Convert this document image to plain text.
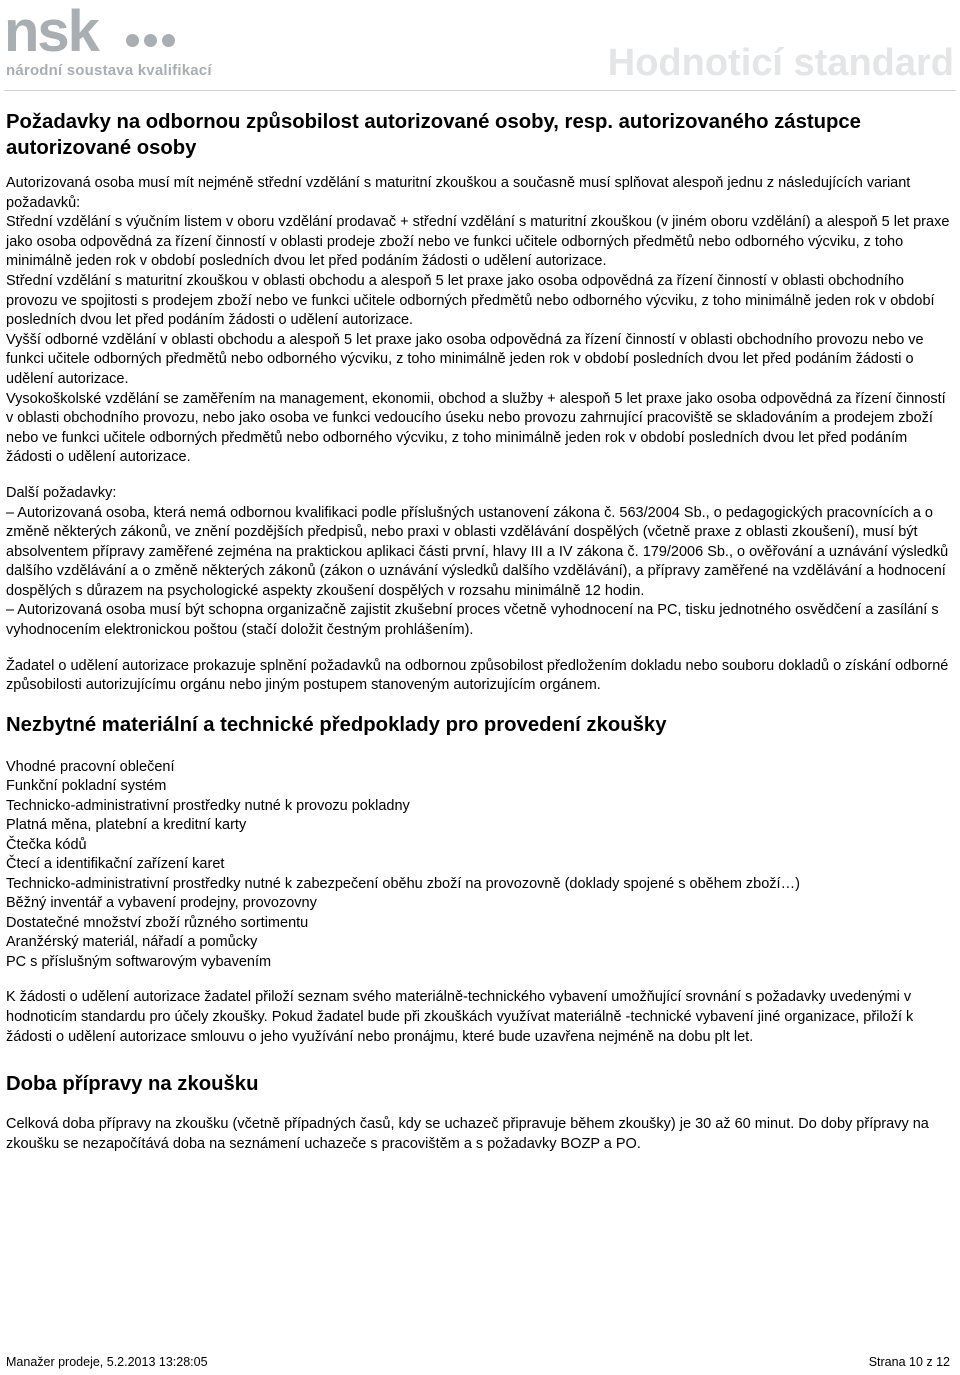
nsk
národní soustava kvalifikací	Hodnoticí standard
Požadavky na odbornou způsobilost autorizované osoby, resp. autorizovaného zástupce autorizované osoby

Autorizovaná osoba musí mít nejméně střední vzdělání s maturitní zkouškou a současně musí splňovat alespoň jednu z následujících variant požadavků:

Střední vzdělání s výučním listem v oboru vzdělání prodavač + střední vzdělání s maturitní zkouškou (v jiném oboru vzdělání) a alespoň 5 let praxe jako osoba odpovědná za řízení činností v oblasti prodeje zboží nebo ve funkci učitele odborných předmětů nebo odborného výcviku, z toho minimálně jeden rok v období posledních dvou let před podáním žádosti o udělení autorizace.

Střední vzdělání s maturitní zkouškou v oblasti obchodu a alespoň 5 let praxe jako osoba odpovědná za řízení činností v oblasti obchodního provozu ve spojitosti s prodejem zboží nebo ve funkci učitele odborných předmětů nebo odborného výcviku, z toho minimálně jeden rok v období posledních dvou let před podáním žádosti o udělení autorizace.

Vyšší odborné vzdělání v oblasti obchodu a alespoň 5 let praxe jako osoba odpovědná za řízení činností v oblasti obchodního provozu nebo ve funkci učitele odborných předmětů nebo odborného výcviku, z toho minimálně jeden rok v období posledních dvou let před podáním žádosti o udělení autorizace.

Vysokoškolské vzdělání se zaměřením na management, ekonomii, obchod a služby + alespoň 5 let praxe jako osoba odpovědná za řízení činností v oblasti obchodního provozu, nebo jako osoba ve funkci vedoucího úseku nebo provozu zahrnující pracoviště se skladováním a prodejem zboží nebo ve funkci učitele odborných předmětů nebo odborného výcviku, z toho minimálně jeden rok v období posledních dvou let před podáním žádosti o udělení autorizace.

Další požadavky:

– Autorizovaná osoba, která nemá odbornou kvalifikaci podle příslušných ustanovení zákona č. 563/2004 Sb., o pedagogických pracovnících a o změně některých zákonů, ve znění pozdějších předpisů, nebo praxi v oblasti vzdělávání dospělých (včetně praxe z oblasti zkoušení), musí být absolventem přípravy zaměřené zejména na praktickou aplikaci části první, hlavy III a IV zákona č. 179/2006 Sb., o ověřování a uznávání výsledků dalšího vzdělávání a o změně některých zákonů (zákon o uznávání výsledků dalšího vzdělávání), a přípravy zaměřené na vzdělávání a hodnocení dospělých s důrazem na psychologické aspekty zkoušení dospělých v rozsahu minimálně 12 hodin.

– Autorizovaná osoba musí být schopna organizačně zajistit zkušební proces včetně vyhodnocení na PC, tisku jednotného osvědčení a zasílání s vyhodnocením elektronickou poštou (stačí doložit čestným prohlášením).

Žadatel o udělení autorizace prokazuje splnění požadavků na odbornou způsobilost předložením dokladu nebo souboru dokladů o získání odborné způsobilosti autorizujícímu orgánu nebo jiným postupem stanoveným autorizujícím orgánem.

Nezbytné materiální a technické předpoklady pro provedení zkoušky
Vhodné pracovní oblečení
Funkční pokladní systém
Technicko-administrativní prostředky nutné k provozu pokladny
Platná měna, platební a kreditní karty
Čtečka kódů
Čtecí a identifikační zařízení karet
Technicko-administrativní prostředky nutné k zabezpečení oběhu zboží na provozovně (doklady spojené s oběhem zboží…)
Běžný inventář a vybavení prodejny, provozovny
Dostatečné množství zboží různého sortimentu
Aranžérský materiál, nářadí a pomůcky
PC s příslušným softwarovým vybavením

K žádosti o udělení autorizace žadatel přiloží seznam svého materiálně-technického vybavení umožňující srovnání s požadavky uvedenými v hodnoticím standardu pro účely zkoušky. Pokud žadatel bude při zkouškách využívat materiálně -technické vybavení jiné organizace, přiloží k žádosti o udělení autorizace smlouvu o jeho využívání nebo pronájmu, které bude uzavřena nejméně na dobu plt let.

Doba přípravy na zkoušku

Celková doba přípravy na zkoušku (včetně případných časů, kdy se uchazeč připravuje během zkoušky) je 30 až 60 minut. Do doby přípravy na zkoušku se nezapočítává doba na seznámení uchazeče s pracovištěm a s požadavky BOZP a PO.

Manažer prodeje, 5.2.2013 13:28:05	Strana 10 z 12
